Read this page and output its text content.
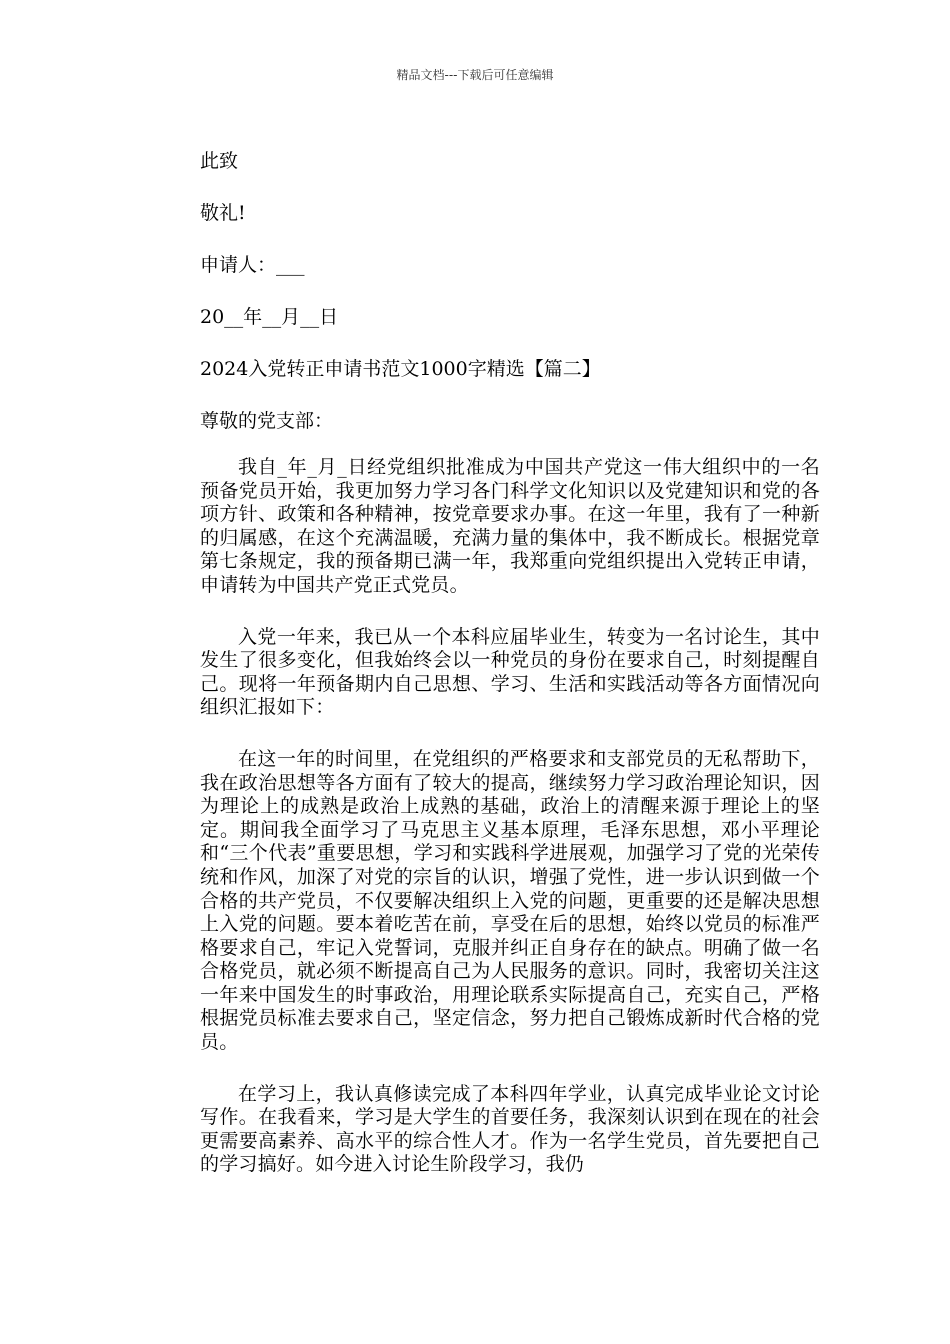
精品文档---下载后可任意编辑

此致

敬礼!

申请人：___

20__年__月__日

2024入党转正申请书范文1000字精选【篇二】

尊敬的党支部：

我自_年_月_日经党组织批准成为中国共产党这一伟大组织中的一名预备党员开始，我更加努力学习各门科学文化知识以及党建知识和党的各项方针、政策和各种精神，按党章要求办事。在这一年里，我有了一种新的归属感，在这个充满温暖，充满力量的集体中，我不断成长。根据党章第七条规定，我的预备期已满一年，我郑重向党组织提出入党转正申请，申请转为中国共产党正式党员。

入党一年来，我已从一个本科应届毕业生，转变为一名讨论生，其中发生了很多变化，但我始终会以一种党员的身份在要求自己，时刻提醒自己。现将一年预备期内自己思想、学习、生活和实践活动等各方面情况向组织汇报如下：

在这一年的时间里，在党组织的严格要求和支部党员的无私帮助下，我在政治思想等各方面有了较大的提高，继续努力学习政治理论知识，因为理论上的成熟是政治上成熟的基础，政治上的清醒来源于理论上的坚定。期间我全面学习了马克思主义基本原理，毛泽东思想，邓小平理论和“三个代表”重要思想，学习和实践科学进展观，加强学习了党的光荣传统和作风，加深了对党的宗旨的认识，增强了党性，进一步认识到做一个合格的共产党员，不仅要解决组织上入党的问题，更重要的还是解决思想上入党的问题。要本着吃苦在前，享受在后的思想，始终以党员的标准严格要求自己，牢记入党誓词，克服并纠正自身存在的缺点。明确了做一名合格党员，就必须不断提高自己为人民服务的意识。同时，我密切关注这一年来中国发生的时事政治，用理论联系实际提高自己，充实自己，严格根据党员标准去要求自己，坚定信念，努力把自己锻炼成新时代合格的党员。

在学习上，我认真修读完成了本科四年学业，认真完成毕业论文讨论写作。在我看来，学习是大学生的首要任务，我深刻认识到在现在的社会更需要高素养、高水平的综合性人才。作为一名学生党员，首先要把自己的学习搞好。如今进入讨论生阶段学习，我仍
